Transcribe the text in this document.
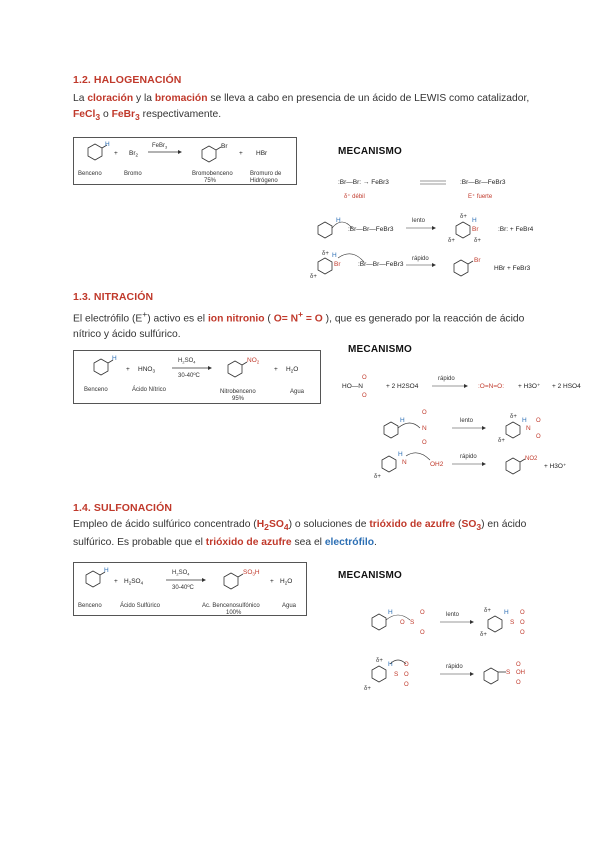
1.2. HALOGENACIÓN
La cloración y la bromación se lleva a cabo en presencia de un ácido de LEWIS como catalizador,
FeCl$_3$ o FeBr$_3$ respectivamente.
H
+ $Br_2$
FeBr$_3$	Br
+ HBr
Benceno	Bromo	Bromobenceno
75%
Bromuro de
Hidrógeno
MECANISMO
:Br—Br: → FeBr3
δ⁺ débil
:Br—Br—FeBr3
E⁺ fuerte
H
:Br—Br—FeBr3
lento
δ+ H
Br
δ+	δ+
:Br: + FeBr4
δ+ H
Br
δ+
:Br—Br—FeBr3
rápido	Br
HBr + FeBr3
1.3. NITRACIÓN
El electrófilo (E+) activo es el ion nitronio ( O= N+ = O ), que es generado por la reacción de ácido
nítrico y ácido sulfúrico.
H
+ $HNO_3$
$H_2SO_4$
30-40ºC
$NO_2$
+ $H_2O$
Benceno	Ácido Nítrico	Nitrobenceno
95%
Agua
MECANISMO
HO—N
O
O
+ 2 H2SO4
rápido
:O=N=O: + H3O⁺ + 2 HSO4
H
N
O
O
lento
δ+ H
N
O
O
δ+
H
N
δ+
OH2
rápido	NO2
+ H3O⁺
1.4. SULFONACIÓN
Empleo de ácido sulfúrico concentrado $(H_2SO_4)$ o soluciones de trióxido de azufre $(SO_3)$ en ácido
sulfúrico. Es probable que el trióxido de azufre sea el electrófilo.
H
+ $H_2SO_4$
$H_2SO_4$
30-40ºC
$SO_3H$
+ $H_2O$
Benceno	Ácido Sulfúrico	Ac. Bencenosulfónico
100%
Agua
MECANISMO
H
S
O
O
O
lento
δ+ H
S
O
O
O
δ+
δ+ H
S
O
O
O
δ+
rápido
S
O
OH
O
